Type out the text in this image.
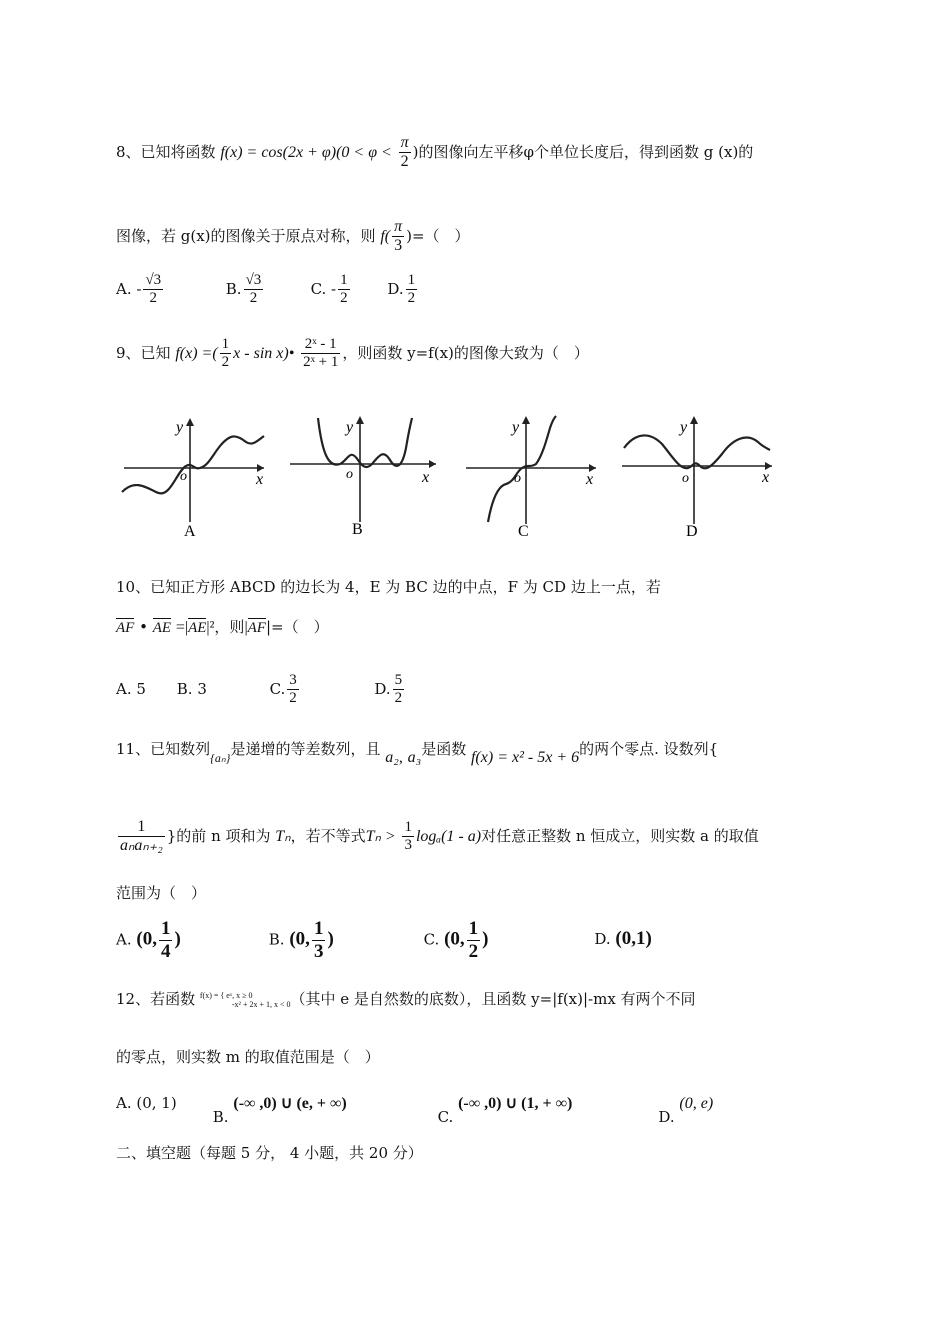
8、已知将函数 $f(x) = \cos(2x + \varphi)(0 < \varphi < \frac{\pi}{2}$ )的图像向左平移φ个单位长度后，得到函数 g (x)的
图像，若 g(x)的图像关于原点对称，则 $f( \frac{\pi}{3}$ )=（　）
A. - $\frac{√3}{2}$	B. $\frac{√3}{2}$	C. - $\frac{1}{2}$	D. $\frac{1}{2}$
9、已知 f(x) =( $\frac{1}{2}$ x - sin x)• $\frac{\text{2ˣ - 1}}{\text{2ˣ + 1}}$ ，则函数 y=f(x)的图像大致为（　）
y
o	x
A
y
o	x
B
y
o	x
C
y
o	x
D
10、已知正方形 ABCD 的边长为 4，E 为 BC 边的中点，F 为 CD 边上一点，若
AF • AE =|AE|²，则|AF|=（　）
A. 5 B. 3	C. $\frac{3}{2}$	D. $\frac{5}{2}$
11、已知数列$_{\{a_n\}}$是递增的等差数列，且 a₂, a₃是函数 f(x) = x² - 5x + 6的两个零点. 设数列{
$\frac{1}{\text{aₙaₙ₊₂}}$ }的前 n 项和为 Tₙ，若不等式$T_n > \frac{1}{3} \log_a(1 - a)$对任意正整数 n 恒成立，则实数 a 的取值
范围为（　）
A. (0, $\frac{1}{4}$ )	B. (0, $\frac{1}{3}$ )	C. (0, $\frac{1}{2}$ )	D. (0,1)
12、若函数 f(x) = { eˣ, x ≥ 0
-x² + 2x + 1, x < 0 （其中 e 是自然数的底数），且函数 y=|f(x)|-mx 有两个不同
的零点，则实数 m 的取值范围是（　）
A. (0, 1) B. (-∞ ,0) ∪ (e, + ∞) C. (-∞ ,0) ∪ (1, + ∞) D. (0, e)
二、填空题（每题 5 分， 4 小题，共 20 分）
